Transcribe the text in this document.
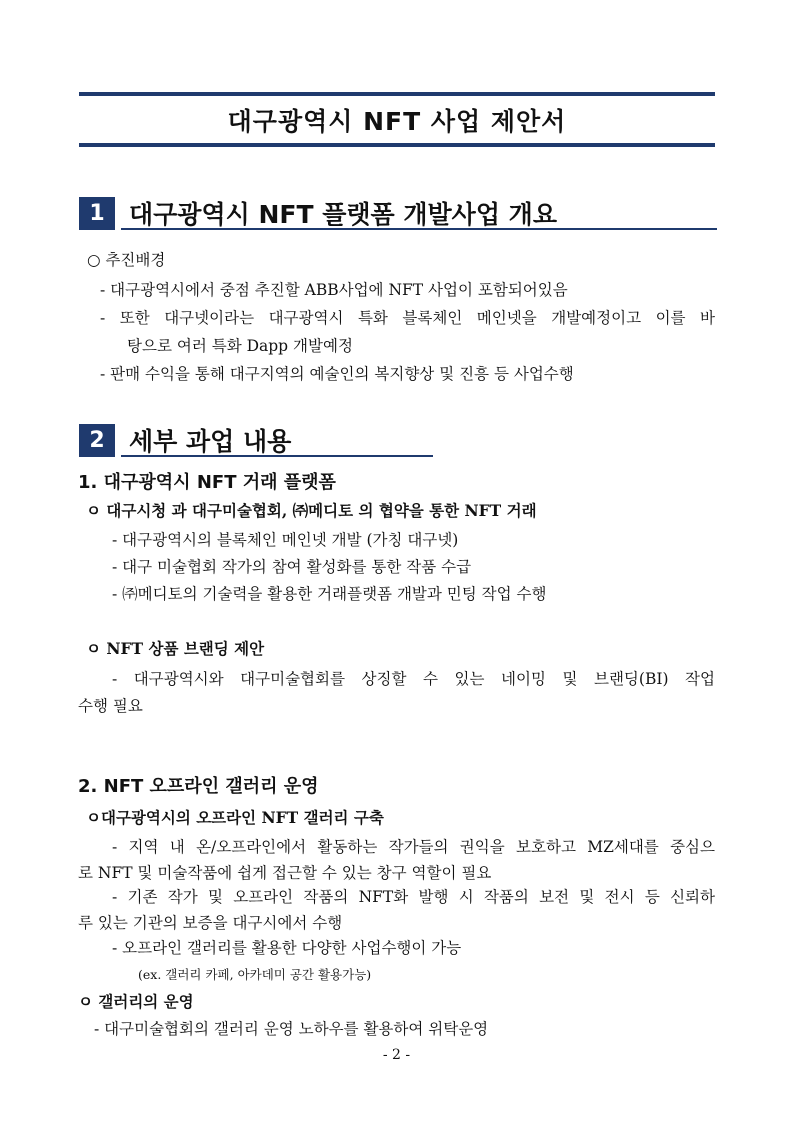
대구광역시 NFT 사업 제안서
1 대구광역시 NFT 플랫폼 개발사업 개요
○ 추진배경
- 대구광역시에서 중점 추진할 ABB사업에 NFT 사업이 포함되어있음
- 또한 대구넷이라는 대구광역시 특화 블록체인 메인넷을 개발예정이고 이를 바
탕으로 여러 특화 Dapp 개발예정
- 판매 수익을 통해 대구지역의 예술인의 복지향상 및 진흥 등 사업수행
2 세부 과업 내용
1. 대구광역시 NFT 거래 플랫폼
ㅇ 대구시청 과 대구미술협회, ㈜메디토 의 협약을 통한 NFT 거래
- 대구광역시의 블록체인 메인넷 개발 (가칭 대구넷)
- 대구 미술협회 작가의 참여 활성화를 통한 작품 수급
- ㈜메디토의 기술력을 활용한 거래플랫폼 개발과 민팅 작업 수행
ㅇ NFT 상품 브랜딩 제안
- 대구광역시와 대구미술협회를 상징할 수 있는 네이밍 및 브랜딩(BI) 작업
수행 필요
2. NFT 오프라인 갤러리 운영
ㅇ대구광역시의 오프라인 NFT 갤러리 구축
- 지역 내 온/오프라인에서 활동하는 작가들의 권익을 보호하고 MZ세대를 중심으
로 NFT 및 미술작품에 쉽게 접근할 수 있는 창구 역할이 필요
- 기존 작가 및 오프라인 작품의 NFT화 발행 시 작품의 보전 및 전시 등 신뢰하
루 있는 기관의 보증을 대구시에서 수행
- 오프라인 갤러리를 활용한 다양한 사업수행이 가능
(ex. 갤러리 카페, 아카데미 공간 활용가능)
ㅇ 갤러리의 운영
- 대구미술협회의 갤러리 운영 노하우를 활용하여 위탁운영
- 2 -
